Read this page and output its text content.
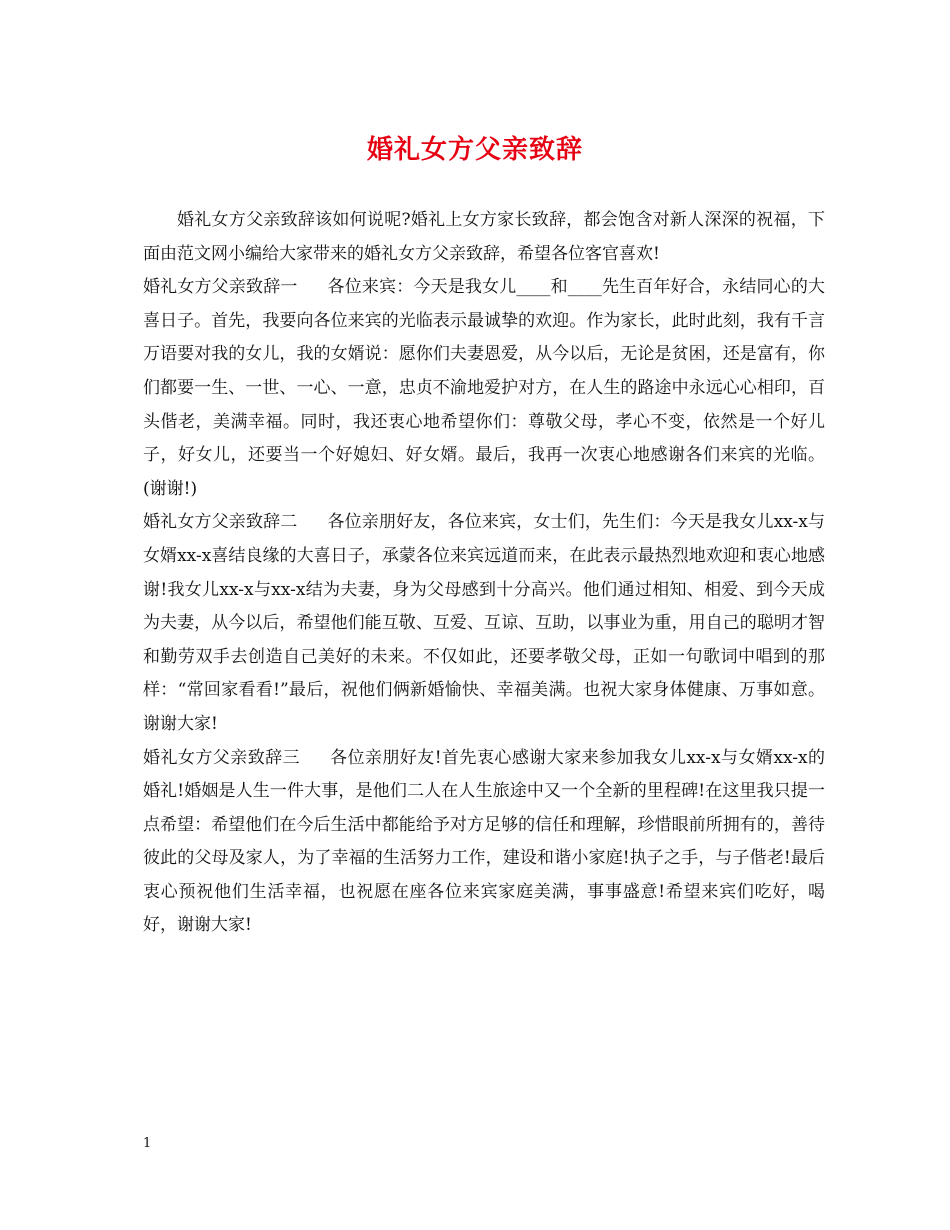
婚礼女方父亲致辞

婚礼女方父亲致辞该如何说呢?婚礼上女方家长致辞，都会饱含对新人深深的祝福，下面由范文网小编给大家带来的婚礼女方父亲致辞，希望各位客官喜欢!

婚礼女方父亲致辞一 各位来宾：今天是我女儿____和____先生百年好合，永结同心的大喜日子。首先，我要向各位来宾的光临表示最诚挚的欢迎。作为家长，此时此刻，我有千言万语要对我的女儿，我的女婿说：愿你们夫妻恩爱，从今以后，无论是贫困，还是富有，你们都要一生、一世、一心、一意，忠贞不渝地爱护对方，在人生的路途中永远心心相印，百头偕老，美满幸福。同时，我还衷心地希望你们：尊敬父母，孝心不变，依然是一个好儿子，好女儿，还要当一个好媳妇、好女婿。最后，我再一次衷心地感谢各们来宾的光临。(谢谢!)

婚礼女方父亲致辞二 各位亲朋好友，各位来宾，女士们，先生们：今天是我女儿xx-x与女婿xx-x喜结良缘的大喜日子，承蒙各位来宾远道而来，在此表示最热烈地欢迎和衷心地感谢!我女儿xx-x与xx-x结为夫妻，身为父母感到十分高兴。他们通过相知、相爱、到今天成为夫妻，从今以后，希望他们能互敬、互爱、互谅、互助，以事业为重，用自己的聪明才智和勤劳双手去创造自己美好的未来。不仅如此，还要孝敬父母，正如一句歌词中唱到的那样：“常回家看看!”最后，祝他们俩新婚愉快、幸福美满。也祝大家身体健康、万事如意。谢谢大家!

婚礼女方父亲致辞三 各位亲朋好友!首先衷心感谢大家来参加我女儿xx-x与女婿xx-x的婚礼!婚姻是人生一件大事，是他们二人在人生旅途中又一个全新的里程碑!在这里我只提一点希望：希望他们在今后生活中都能给予对方足够的信任和理解，珍惜眼前所拥有的，善待彼此的父母及家人，为了幸福的生活努力工作，建设和谐小家庭!执子之手，与子偕老!最后衷心预祝他们生活幸福，也祝愿在座各位来宾家庭美满，事事盛意!希望来宾们吃好，喝好，谢谢大家!

1
